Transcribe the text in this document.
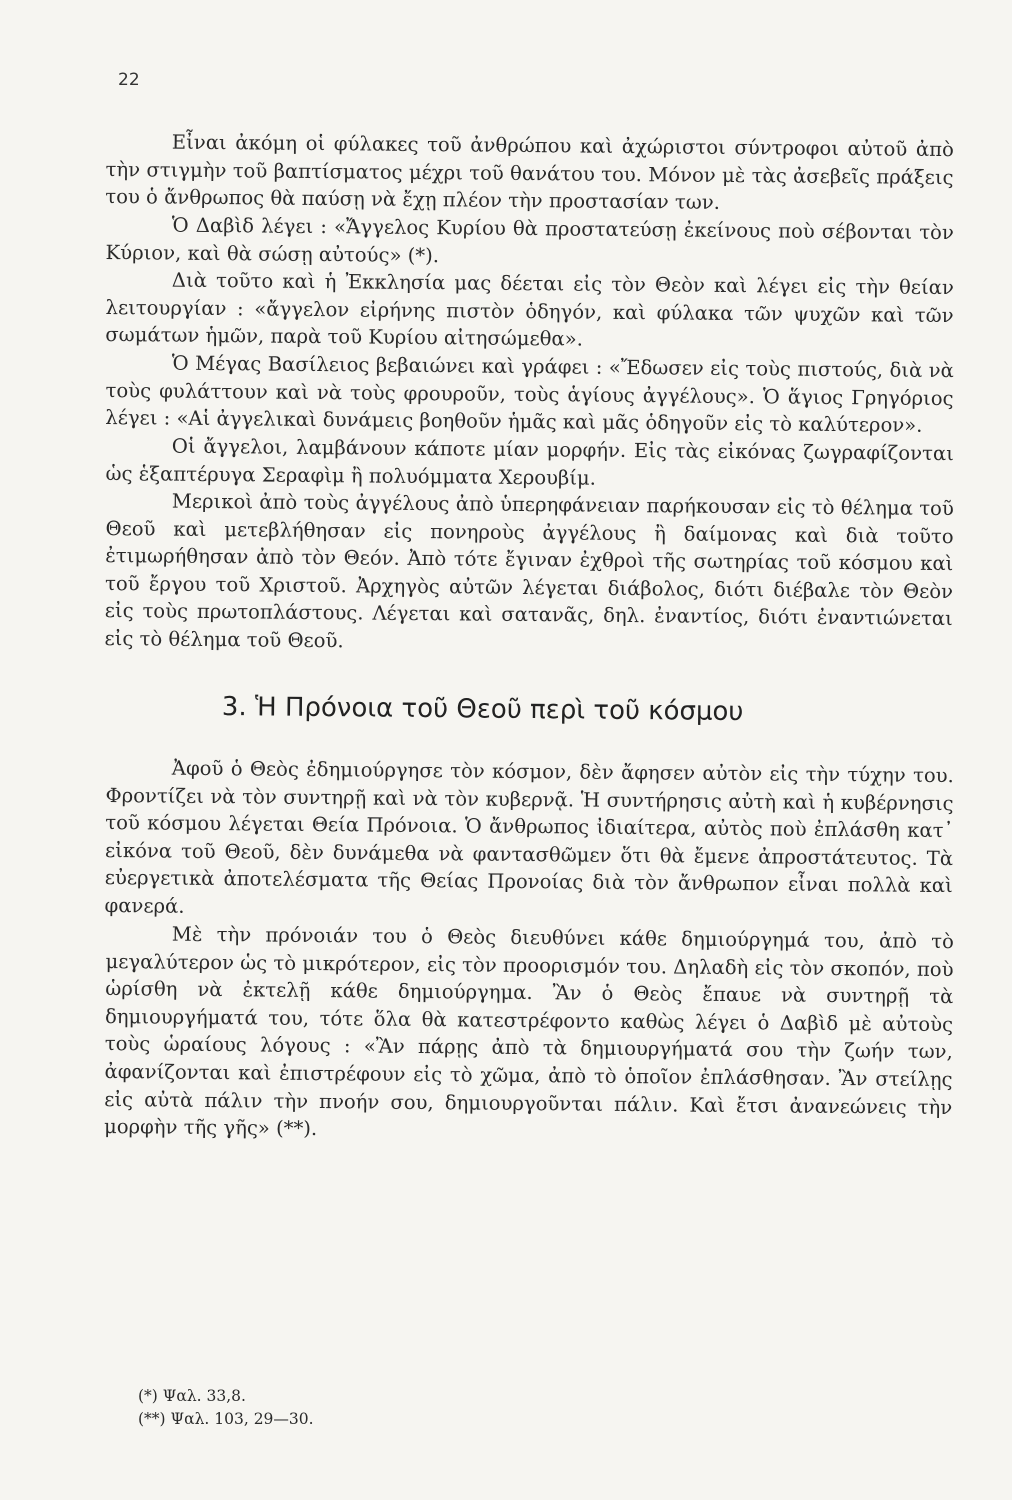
22

Εἶναι ἀκόμη οἱ φύλακες τοῦ ἀνθρώπου καὶ ἀχώριστοι σύντροφοι αὐτοῦ ἀπὸ τὴν στιγμὴν τοῦ βαπτίσματος μέχρι τοῦ θανάτου του. Μόνον μὲ τὰς ἀσεβεῖς πράξεις του ὁ ἄνθρωπος θὰ παύσῃ νὰ ἔχῃ πλέον τὴν προστασίαν των.

Ὁ Δαβὶδ λέγει : «Ἄγγελος Κυρίου θὰ προστατεύσῃ ἐκείνους ποὺ σέβονται τὸν Κύριον, καὶ θὰ σώσῃ αὐτούς» (*).

Διὰ τοῦτο καὶ ἡ Ἐκκλησία μας δέεται εἰς τὸν Θεὸν καὶ λέγει εἰς τὴν θείαν λειτουργίαν : «ἄγγελον εἰρήνης πιστὸν ὁδηγόν, καὶ φύλακα τῶν ψυχῶν καὶ τῶν σωμάτων ἡμῶν, παρὰ τοῦ Κυρίου αἰτησώμεθα».

Ὁ Μέγας Βασίλειος βεβαιώνει καὶ γράφει : «Ἔδωσεν εἰς τοὺς πιστούς, διὰ νὰ τοὺς φυλάττουν καὶ νὰ τοὺς φρουροῦν, τοὺς ἁγίους ἀγγέλους». Ὁ ἅγιος Γρηγόριος λέγει : «Αἱ ἀγγελικαὶ δυνάμεις βοηθοῦν ἡμᾶς καὶ μᾶς ὁδηγοῦν εἰς τὸ καλύτερον».

Οἱ ἄγγελοι, λαμβάνουν κάποτε μίαν μορφήν. Εἰς τὰς εἰκόνας ζωγραφίζονται ὡς ἑξαπτέρυγα Σεραφὶμ ἢ πολυόμματα Χερουβίμ.

Μερικοὶ ἀπὸ τοὺς ἀγγέλους ἀπὸ ὑπερηφάνειαν παρήκουσαν εἰς τὸ θέλημα τοῦ Θεοῦ καὶ μετεβλήθησαν εἰς πονηροὺς ἀγγέλους ἢ δαίμονας καὶ διὰ τοῦτο ἐτιμωρήθησαν ἀπὸ τὸν Θεόν. Ἀπὸ τότε ἔγιναν ἐχθροὶ τῆς σωτηρίας τοῦ κόσμου καὶ τοῦ ἔργου τοῦ Χριστοῦ. Ἀρχηγὸς αὐτῶν λέγεται διάβολος, διότι διέβαλε τὸν Θεὸν εἰς τοὺς πρωτοπλάστους. Λέγεται καὶ σατανᾶς, δηλ. ἐναντίος, διότι ἐναντιώνεται εἰς τὸ θέλημα τοῦ Θεοῦ.

3. Ἡ Πρόνοια τοῦ Θεοῦ περὶ τοῦ κόσμου

Ἀφοῦ ὁ Θεὸς ἐδημιούργησε τὸν κόσμον, δὲν ἄφησεν αὐτὸν εἰς τὴν τύχην του. Φροντίζει νὰ τὸν συντηρῇ καὶ νὰ τὸν κυβερνᾷ. Ἡ συντήρησις αὐτὴ καὶ ἡ κυβέρνησις τοῦ κόσμου λέγεται Θεία Πρόνοια. Ὁ ἄνθρωπος ἰδιαίτερα, αὐτὸς ποὺ ἐπλάσθη κατ᾽ εἰκόνα τοῦ Θεοῦ, δὲν δυνάμεθα νὰ φαντασθῶμεν ὅτι θὰ ἔμενε ἀπροστάτευτος. Τὰ εὐεργετικὰ ἀποτελέσματα τῆς Θείας Προνοίας διὰ τὸν ἄνθρωπον εἶναι πολλὰ καὶ φανερά.

Μὲ τὴν πρόνοιάν του ὁ Θεὸς διευθύνει κάθε δημιούργημά του, ἀπὸ τὸ μεγαλύτερον ὡς τὸ μικρότερον, εἰς τὸν προορισμόν του. Δηλαδὴ εἰς τὸν σκοπόν, ποὺ ὡρίσθη νὰ ἐκτελῇ κάθε δημιούργημα. Ἂν ὁ Θεὸς ἔπαυε νὰ συντηρῇ τὰ δημιουργήματά του, τότε ὅλα θὰ κατεστρέφοντο καθὼς λέγει ὁ Δαβὶδ μὲ αὐτοὺς τοὺς ὡραίους λόγους : «Ἂν πάρῃς ἀπὸ τὰ δημιουργήματά σου τὴν ζωήν των, ἀφανίζονται καὶ ἐπιστρέφουν εἰς τὸ χῶμα, ἀπὸ τὸ ὁποῖον ἐπλάσθησαν. Ἂν στείλῃς εἰς αὐτὰ πάλιν τὴν πνοήν σου, δημιουργοῦνται πάλιν. Καὶ ἔτσι ἀνανεώνεις τὴν μορφὴν τῆς γῆς» (**).

(*) Ψαλ. 33,8.

(**) Ψαλ. 103, 29—30.
